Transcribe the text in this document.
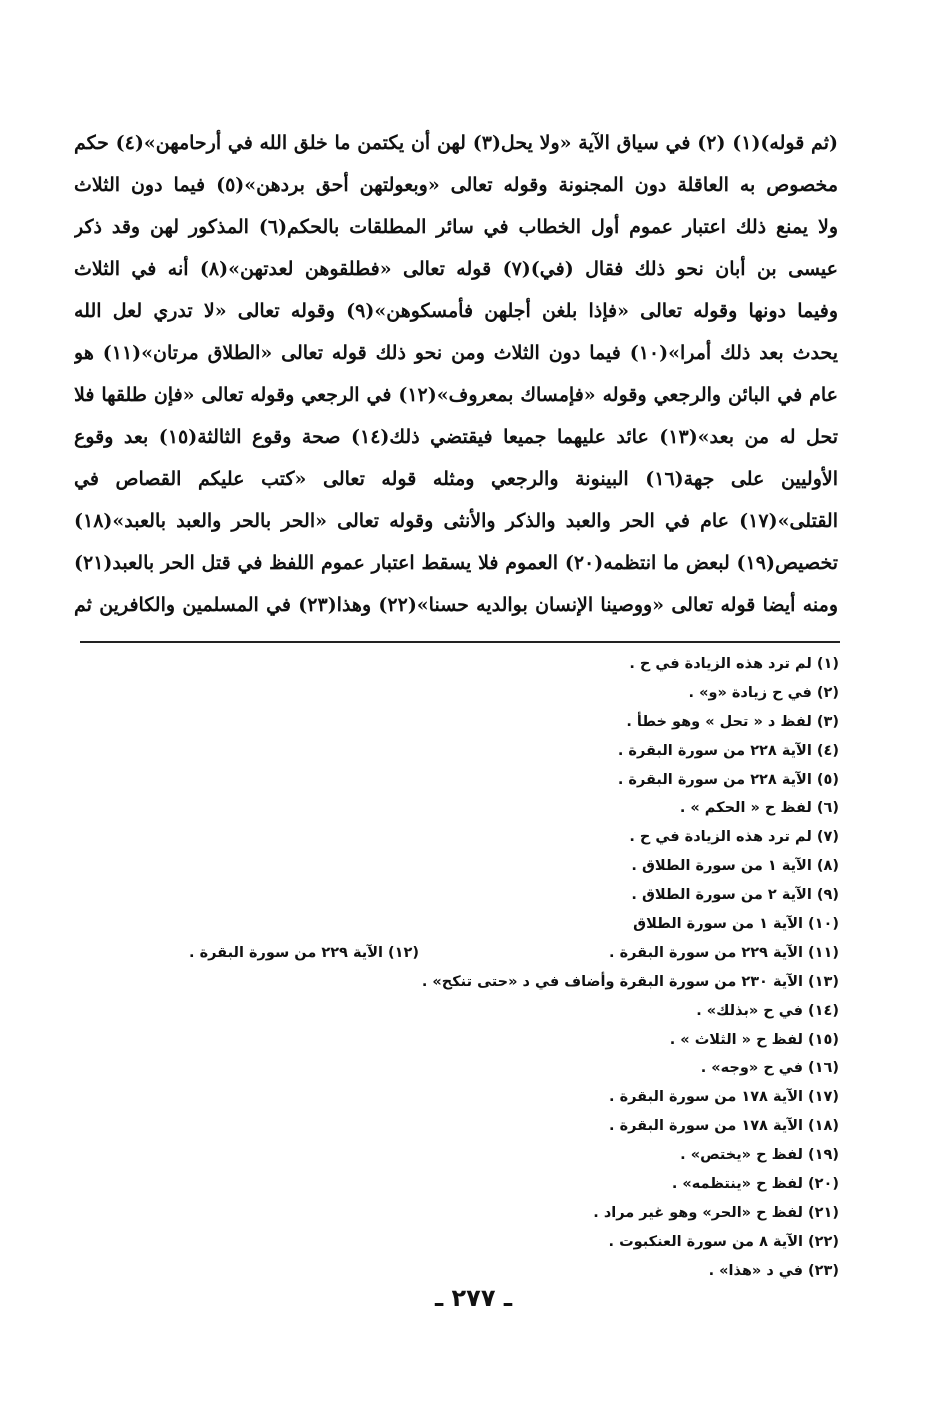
(ثم قوله)(١) (٢) في سياق الآية «ولا يحل(٣) لهن أن يكتمن ما خلق الله في أرحامهن»(٤) حكم
مخصوص به العاقلة دون المجنونة وقوله تعالى «وبعولتهن أحق بردهن»(٥) فيما دون الثلاث
ولا يمنع ذلك اعتبار عموم أول الخطاب في سائر المطلقات بالحكم(٦) المذكور لهن وقد ذكر
عيسى بن أبان نحو ذلك فقال (في)(٧) قوله تعالى «فطلقوهن لعدتهن»(٨) أنه في الثلاث
وفيما دونها وقوله تعالى «فإذا بلغن أجلهن فأمسكوهن»(٩) وقوله تعالى «لا تدري لعل الله
يحدث بعد ذلك أمرا»(١٠) فيما دون الثلاث ومن نحو ذلك قوله تعالى «الطلاق مرتان»(١١) هو
عام في البائن والرجعي وقوله «فإمساك بمعروف»(١٢) في الرجعي وقوله تعالى «فإن طلقها فلا
تحل له من بعد»(١٣) عائد عليهما جميعا فيقتضي ذلك(١٤) صحة وقوع الثالثة(١٥) بعد وقوع
الأوليين على جهة(١٦) البينونة والرجعي ومثله قوله تعالى «كتب عليكم القصاص في
القتلى»(١٧) عام في الحر والعبد والذكر والأنثى وقوله تعالى «الحر بالحر والعبد بالعبد»(١٨)
تخصيص(١٩) لبعض ما انتظمه(٢٠) العموم فلا يسقط اعتبار عموم اللفظ في قتل الحر بالعبد(٢١)
ومنه أيضا قوله تعالى «ووصينا الإنسان بوالديه حسنا»(٢٢) وهذا(٢٣) في المسلمين والكافرين ثم
(١) لم ترد هذه الزيادة في ح .
(٢) في ح زيادة «و» .
(٣) لفظ د « تحل » وهو خطأ .
(٤) الآية ٢٢٨ من سورة البقرة .
(٥) الآية ٢٢٨ من سورة البقرة .
(٦) لفظ ح « الحكم » .
(٧) لم ترد هذه الزيادة في ح .
(٨) الآية ١ من سورة الطلاق .
(٩) الآية ٢ من سورة الطلاق .
(١٠) الآية ١ من سورة الطلاق
(١١) الآية ٢٢٩ من سورة البقرة .
(١٢) الآية ٢٢٩ من سورة البقرة .
(١٣) الآية ٢٣٠ من سورة البقرة وأضاف في د «حتى تنكح» .
(١٤) في ح «بذلك» .
(١٥) لفظ ح « الثلاث » .
(١٦) في ح «وجه» .
(١٧) الآية ١٧٨ من سورة البقرة .
(١٨) الآية ١٧٨ من سورة البقرة .
(١٩) لفظ ح «يختص» .
(٢٠) لفظ ح «ينتظمه» .
(٢١) لفظ ح «الحر» وهو غير مراد .
(٢٢) الآية ٨ من سورة العنكبوت .
(٢٣) في د «هذا» .
ـ ٢٧٧ ـ
